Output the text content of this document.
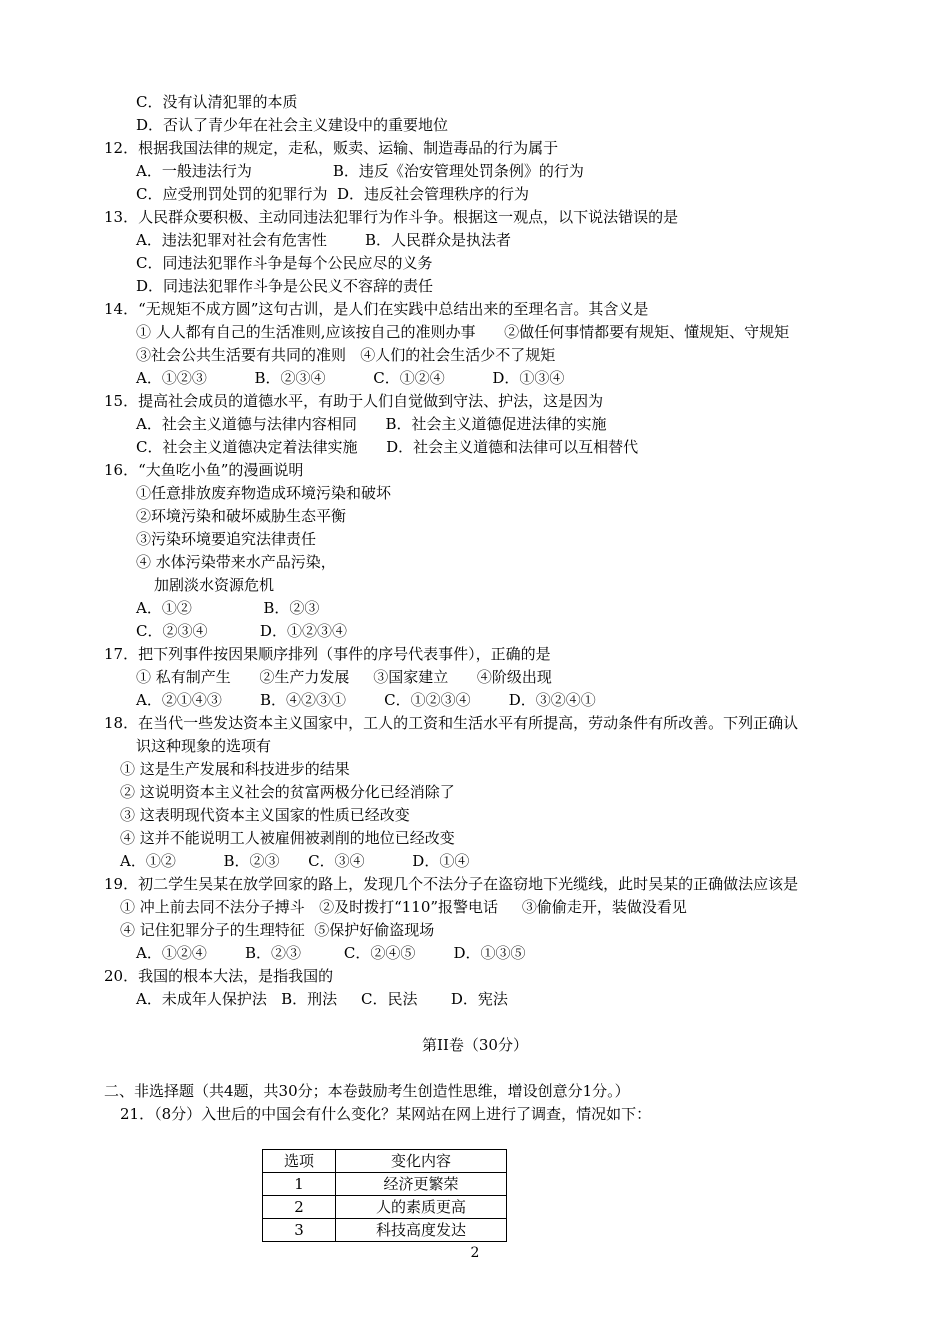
C．没有认清犯罪的本质
D．否认了青少年在社会主义建设中的重要地位
12．根据我国法律的规定，走私，贩卖、运输、制造毒品的行为属于
A．一般违法行为                 B．违反《治安管理处罚条例》的行为
C．应受刑罚处罚的犯罪行为  D．违反社会管理秩序的行为
13．人民群众要积极、主动同违法犯罪行为作斗争。根据这一观点，以下说法错误的是
A．违法犯罪对社会有危害性        B．人民群众是执法者
C．同违法犯罪作斗争是每个公民应尽的义务
D．同违法犯罪作斗争是公民义不容辞的责任
14．“无规矩不成方圆”这句古训，是人们在实践中总结出来的至理名言。其含义是
① 人人都有自己的生活准则,应该按自己的准则办事      ②做任何事情都要有规矩、懂规矩、守规矩
③社会公共生活要有共同的准则   ④人们的社会生活少不了规矩
A．①②③          B．②③④          C．①②④          D．①③④
15．提高社会成员的道德水平，有助于人们自觉做到守法、护法，这是因为
A．社会主义道德与法律内容相同      B．社会主义道德促进法律的实施
C．社会主义道德决定着法律实施      D．社会主义道德和法律可以互相替代
16．“大鱼吃小鱼”的漫画说明
①任意排放废弃物造成环境污染和破坏
②环境污染和破坏威胁生态平衡
③污染环境要追究法律责任
④ 水体污染带来水产品污染，
加剧淡水资源危机
A．①②               B．②③
C．②③④           D．①②③④
17．把下列事件按因果顺序排列（事件的序号代表事件），正确的是
① 私有制产生      ②生产力发展     ③国家建立      ④阶级出现
A．②①④③        B．④②③①        C．①②③④        D．③②④①
18．在当代一些发达资本主义国家中，工人的工资和生活水平有所提高，劳动条件有所改善。下列正确认
识这种现象的选项有
① 这是生产发展和科技进步的结果
② 这说明资本主义社会的贫富两极分化已经消除了
③ 这表明现代资本主义国家的性质已经改变
④ 这并不能说明工人被雇佣被剥削的地位已经改变
A．①②          B．②③      C．③④          D．①④
19．初二学生吴某在放学回家的路上，发现几个不法分子在盗窃地下光缆线，此时吴某的正确做法应该是
① 冲上前去同不法分子搏斗   ②及时拨打“110”报警电话     ③偷偷走开，装做没看见
④ 记住犯罪分子的生理特征  ⑤保护好偷盗现场
A．①②④        B．②③         C．②④⑤        D．①③⑤
20．我国的根本大法，是指我国的
A．未成年人保护法   B．刑法     C．民法       D．宪法
第II卷（30分）
二、非选择题（共4题，共30分；本卷鼓励考生创造性思维，增设创意分1分。）
21．（8分）入世后的中国会有什么变化？某网站在网上进行了调查，情况如下：
选项	变化内容
1	经济更繁荣
2	人的素质更高
3	科技高度发达
2
